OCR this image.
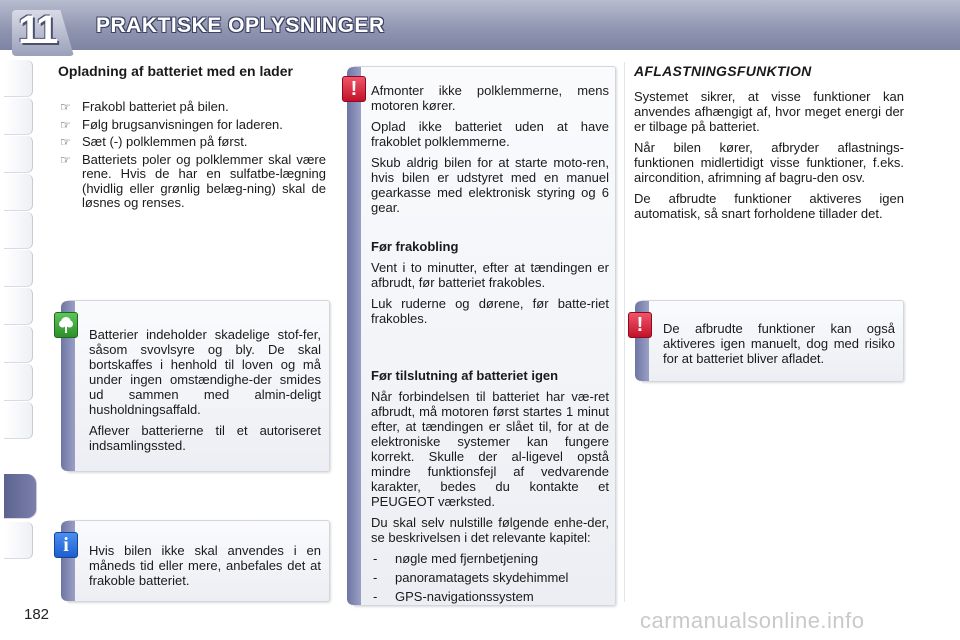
11 PRAKTISKE OPLYSNINGER
Opladning af batteriet med en lader
☞ Frakobl batteriet på bilen.
☞ Følg brugsanvisningen for laderen.
☞ Sæt (-) polklemmen på først.
☞ Batteriets poler og polklemmer skal være rene. Hvis de har en sulfatbe-lægning (hvidlig eller grønlig belæg-ning) skal de løsnes og renses.

Batterier indeholder skadelige stof-fer, såsom svovlsyre og bly. De skal bortskaffes i henhold til loven og må under ingen omstændighe-der smides ud sammen med almin-deligt husholdningsaffald.

Aflever batterierne til et autoriseret indsamlingssted.

Hvis bilen ikke skal anvendes i en måneds tid eller mere, anbefales det at frakoble batteriet.

i

Afmonter ikke polklemmerne, mens motoren kører.

Oplad ikke batteriet uden at have frakoblet polklemmerne.

Skub aldrig bilen for at starte moto-ren, hvis bilen er udstyret med en manuel gearkasse med elektronisk styring og 6 gear.

Før frakobling

Vent i to minutter, efter at tændingen er afbrudt, før batteriet frakobles.

Luk ruderne og dørene, før batte-riet frakobles.

Før tilslutning af batteriet igen

Når forbindelsen til batteriet har væ-ret afbrudt, må motoren først startes 1 minut efter, at tændingen er slået til, for at de elektroniske systemer kan fungere korrekt. Skulle der al-ligevel opstå mindre funktionsfejl af vedvarende karakter, bedes du kontakte et PEUGEOT værksted.

Du skal selv nulstille følgende enhe-der, se beskrivelsen i det relevante kapitel:

- nøgle med fjernbetjening
- panoramatagets skydehimmel
- GPS-navigationssystem
!
AFLASTNINGSFUNKTION

Systemet sikrer, at visse funktioner kan anvendes afhængigt af, hvor meget energi der er tilbage på batteriet.

Når bilen kører, afbryder aflastnings-funktionen midlertidigt visse funktioner, f.eks. aircondition, afrimning af bagru-den osv.

De afbrudte funktioner aktiveres igen automatisk, så snart forholdene tillader det.

De afbrudte funktioner kan også aktiveres igen manuelt, dog med risiko for at batteriet bliver afladet.

!
182	carmanualsonline.info
